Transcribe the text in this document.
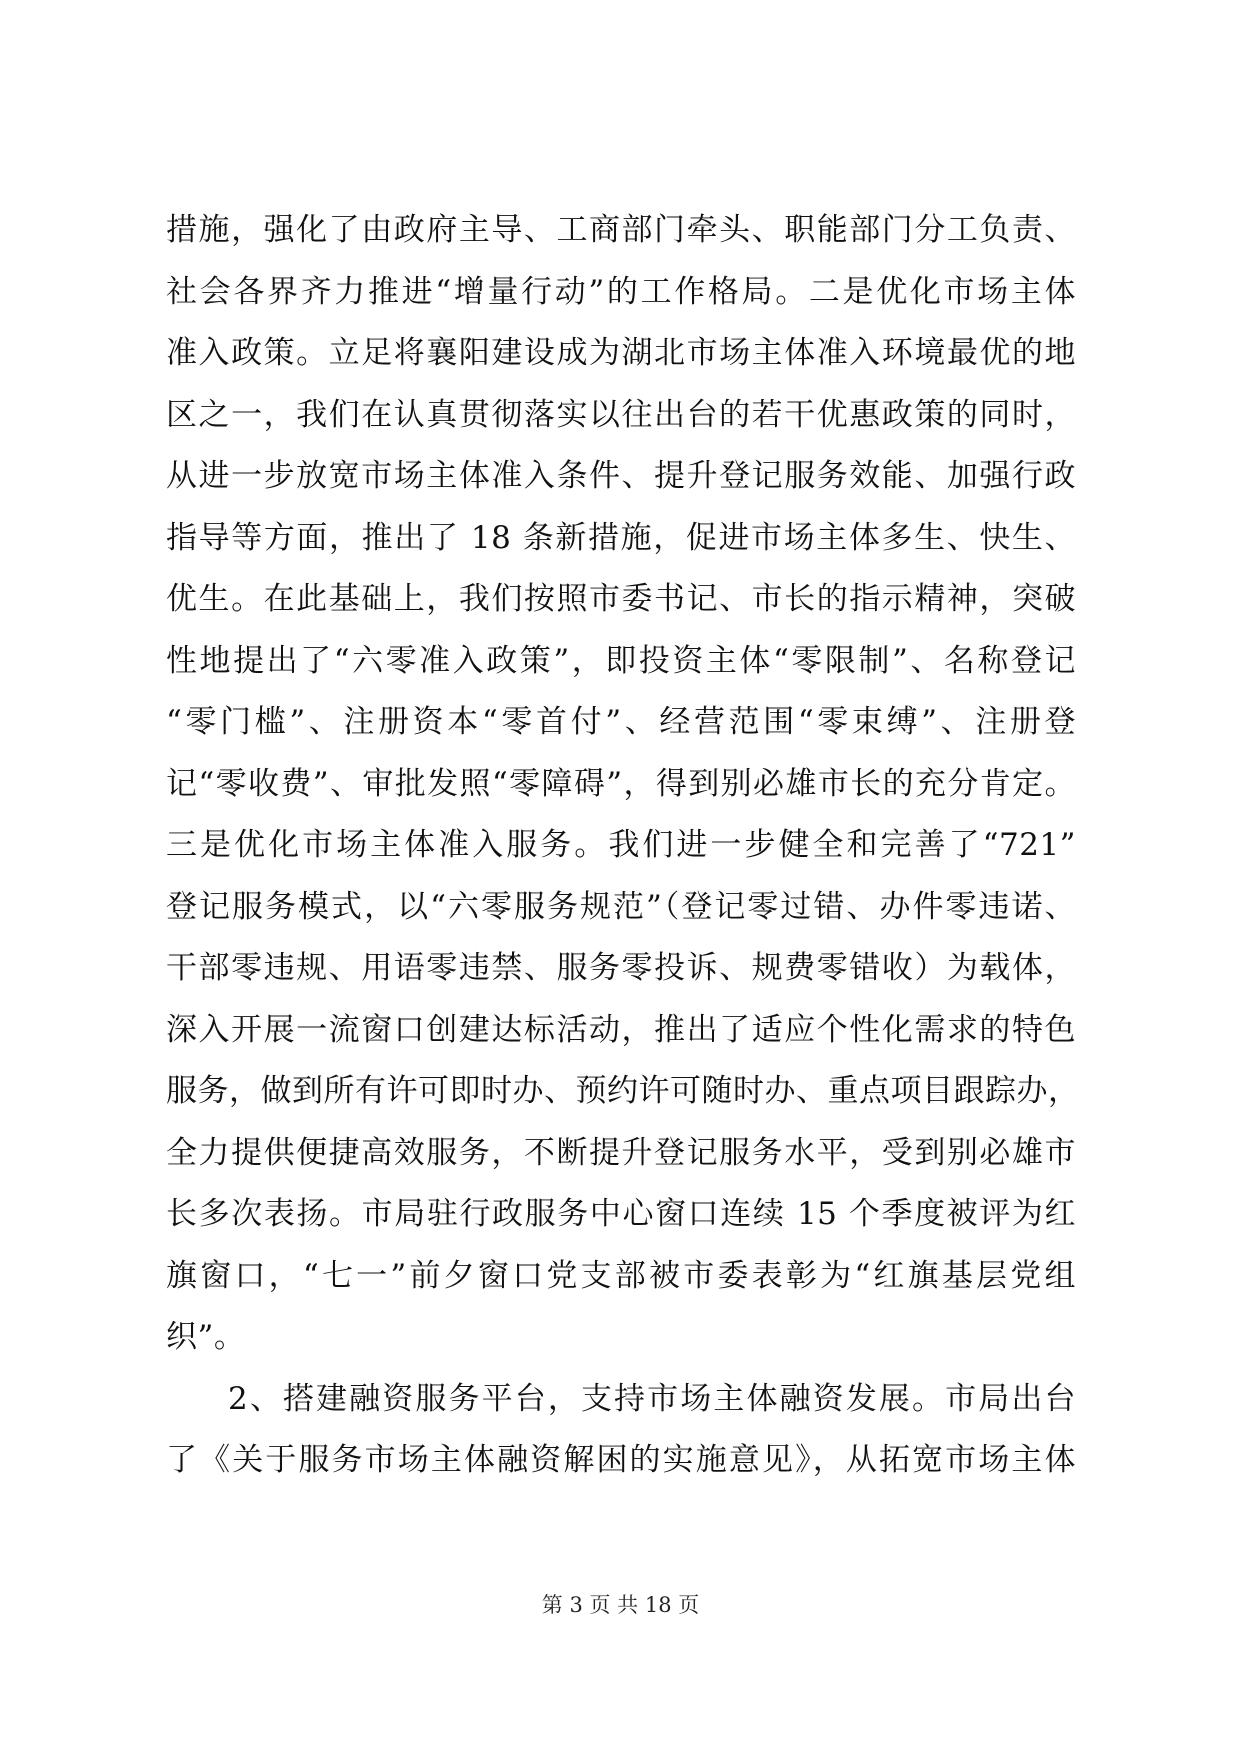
措施，强化了由政府主导、工商部门牵头、职能部门分工负责、
社会各界齐力推进“增量行动”的工作格局。二是优化市场主体
准入政策。立足将襄阳建设成为湖北市场主体准入环境最优的地
区之一，我们在认真贯彻落实以往出台的若干优惠政策的同时，
从进一步放宽市场主体准入条件、提升登记服务效能、加强行政
指导等方面，推出了 18 条新措施，促进市场主体多生、快生、
优生。在此基础上，我们按照市委书记、市长的指示精神，突破
性地提出了“六零准入政策”，即投资主体“零限制”、名称登记
“零门槛”、注册资本“零首付”、经营范围“零束缚”、注册登
记“零收费”、审批发照“零障碍”，得到别必雄市长的充分肯定。
三是优化市场主体准入服务。我们进一步健全和完善了“721”
登记服务模式，以“六零服务规范”（登记零过错、办件零违诺、
干部零违规、用语零违禁、服务零投诉、规费零错收）为载体，
深入开展一流窗口创建达标活动，推出了适应个性化需求的特色
服务，做到所有许可即时办、预约许可随时办、重点项目跟踪办，
全力提供便捷高效服务，不断提升登记服务水平，受到别必雄市
长多次表扬。市局驻行政服务中心窗口连续 15 个季度被评为红
旗窗口，“七一”前夕窗口党支部被市委表彰为“红旗基层党组
织”。
2、搭建融资服务平台，支持市场主体融资发展。市局出台
了《关于服务市场主体融资解困的实施意见》，从拓宽市场主体
第 3 页 共 18 页
